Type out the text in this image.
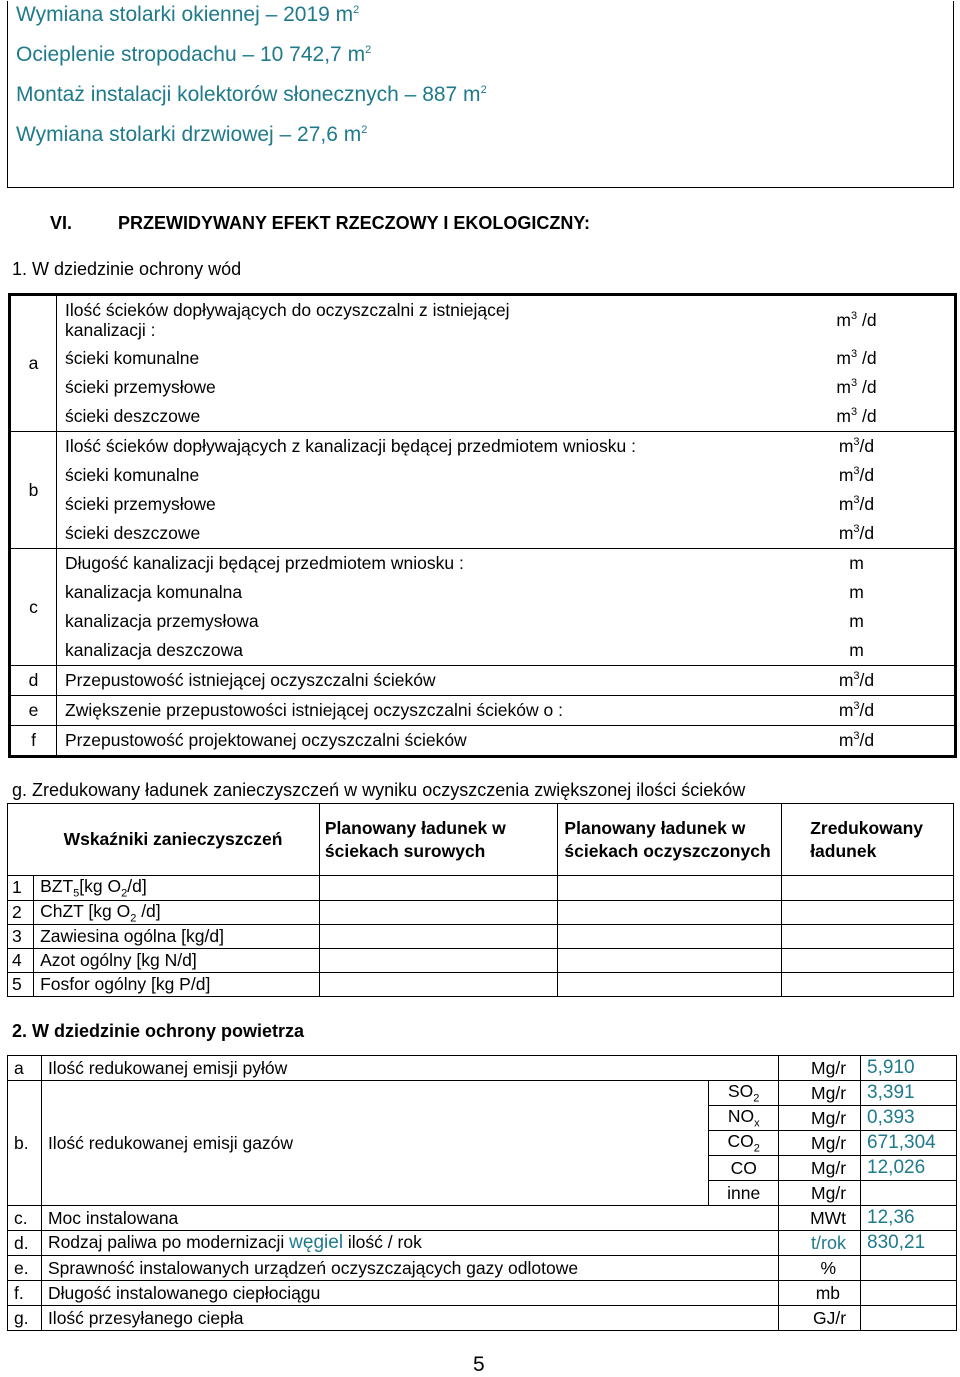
Wymiana stolarki okiennej – 2019 $m^2$
Ocieplenie stropodachu – 10 742,7 $m^2$
Montaż instalacji kolektorów słonecznych – 887 $m^2$
Wymiana stolarki drzwiowej – 27,6 $m^2$
VI.	PRZEWIDYWANY EFEKT RZECZOWY I EKOLOGICZNY:
1. W dziedzinie ochrony wód
a	Ilość ścieków dopływających do oczyszczalni z istniejącej
kanalizacji :	$m^3$ /d
	ścieki komunalne	$m^3$ /d
	ścieki przemysłowe	$m^3$ /d
	ścieki deszczowe	$m^3$ /d
b	Ilość ścieków dopływających z kanalizacji będącej przedmiotem wniosku :	$m^3/d$
	ścieki komunalne	$m^3/d$
	ścieki przemysłowe	$m^3/d$
	ścieki deszczowe	$m^3/d$
c	Długość kanalizacji będącej przedmiotem wniosku :	m
	kanalizacja komunalna	m
	kanalizacja przemysłowa	m
	kanalizacja deszczowa	m
d	Przepustowość istniejącej oczyszczalni ścieków	$m^3/d$
e	Zwiększenie przepustowości istniejącej oczyszczalni ścieków o :	$m^3/d$
f	Przepustowość projektowanej oczyszczalni ścieków	$m^3/d$
g. Zredukowany ładunek zanieczyszczeń w wyniku oczyszczenia zwiększonej ilości ścieków
	Wskaźniki zanieczyszczeń	Planowany ładunek w ściekach surowych	Planowany ładunek w ściekach oczyszczonych	Zredukowany ładunek
1	$BZT_5[kg$ $O_2/d$]			
2	ChZT [kg $O_2$ /d]			
3	Zawiesina ogólna [kg/d]			
4	Azot ogólny [kg N/d]			
5	Fosfor ogólny [kg P/d]			
2. W dziedzinie ochrony powietrza
a	Ilość redukowanej emisji pyłów		Mg/r	5,910
		$SO_2$	Mg/r	3,391
		$NO_x$	Mg/r	0,393
b.	Ilość redukowanej emisji gazów	$CO_2$	Mg/r	671,304
		CO	Mg/r	12,026
		inne	Mg/r	
c.	Moc instalowana		MWt	12,36
d.	Rodzaj paliwa po modernizacji węgiel ilość / rok		t/rok	830,21
e.	Sprawność instalowanych urządzeń oczyszczających gazy odlotowe		%	
f.	Długość instalowanego ciepłociągu		mb	
g.	Ilość przesyłanego ciepła		GJ/r	
5
